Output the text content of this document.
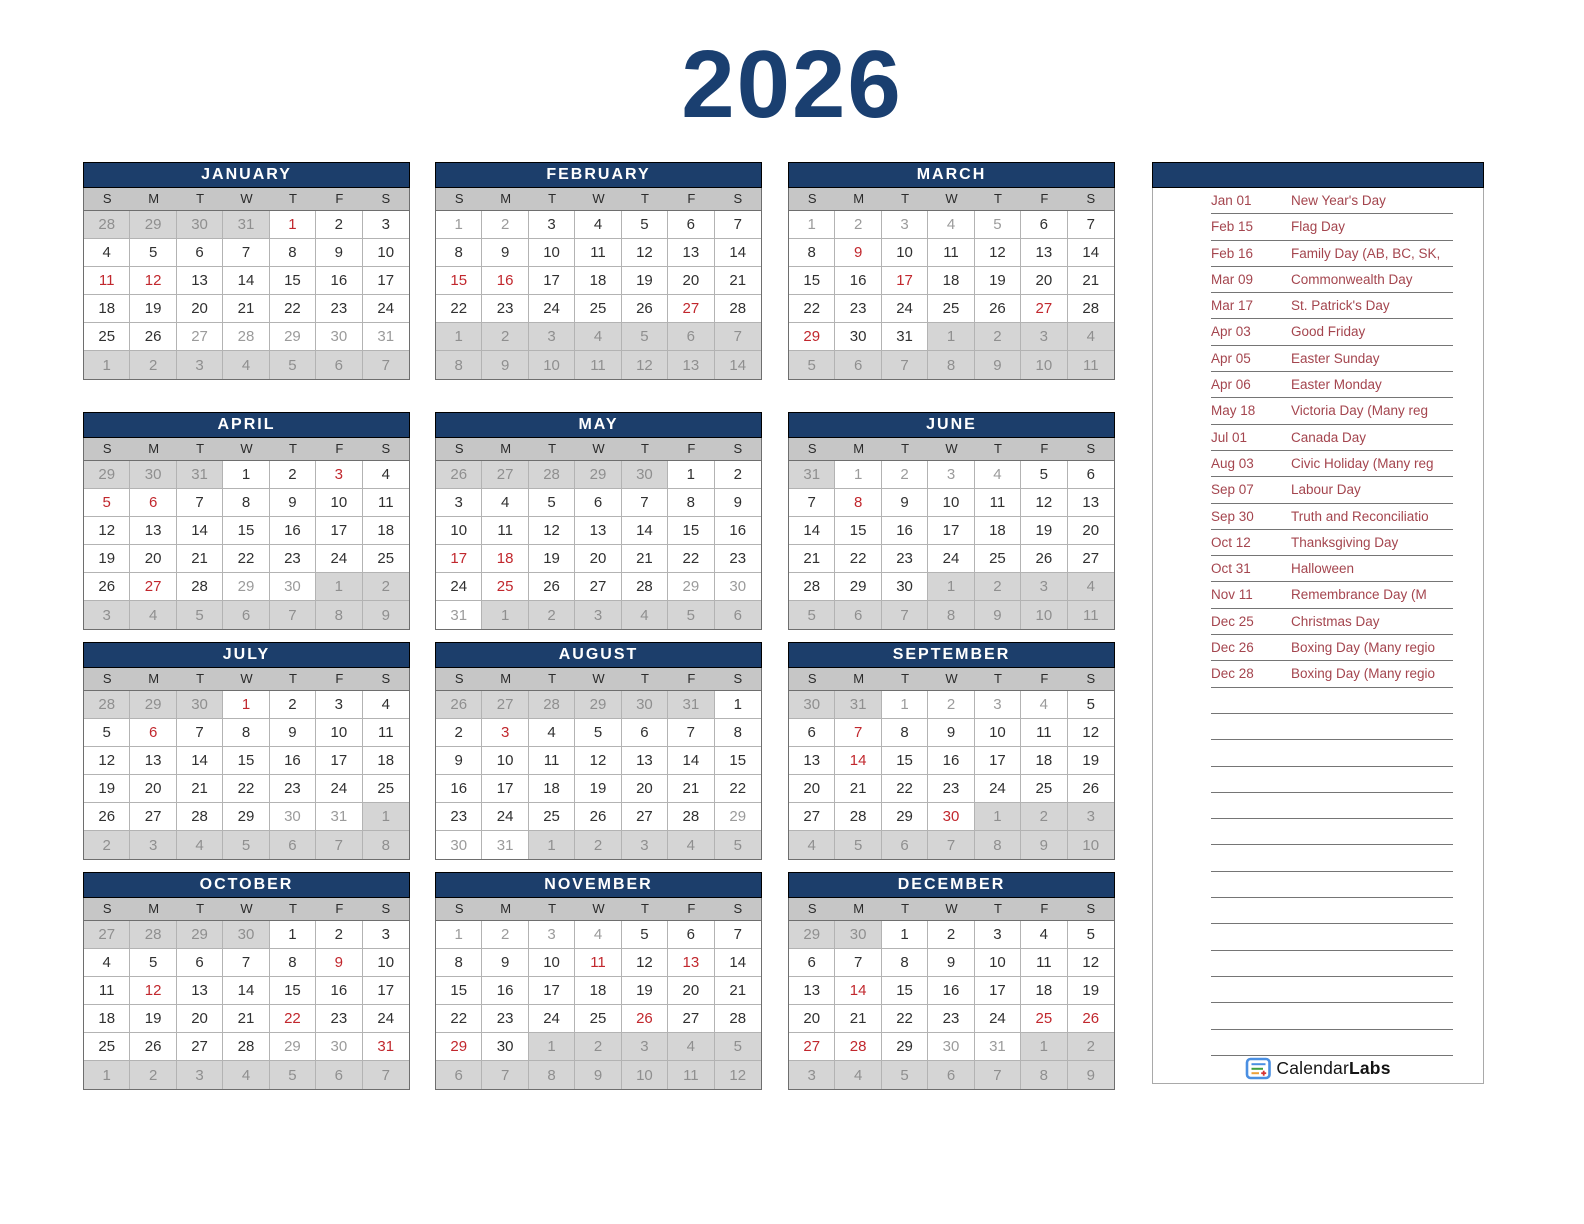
2026
JANUARY
S	M	T	W	T	F	S
28	29	30	31	1	2	3
4	5	6	7	8	9	10
11	12	13	14	15	16	17
18	19	20	21	22	23	24
25	26	27	28	29	30	31
1	2	3	4	5	6	7
FEBRUARY
S	M	T	W	T	F	S
1	2	3	4	5	6	7
8	9	10	11	12	13	14
15	16	17	18	19	20	21
22	23	24	25	26	27	28
1	2	3	4	5	6	7
8	9	10	11	12	13	14
MARCH
S	M	T	W	T	F	S
1	2	3	4	5	6	7
8	9	10	11	12	13	14
15	16	17	18	19	20	21
22	23	24	25	26	27	28
29	30	31	1	2	3	4
5	6	7	8	9	10	11
APRIL
S	M	T	W	T	F	S
29	30	31	1	2	3	4
5	6	7	8	9	10	11
12	13	14	15	16	17	18
19	20	21	22	23	24	25
26	27	28	29	30	1	2
3	4	5	6	7	8	9
MAY
S	M	T	W	T	F	S
26	27	28	29	30	1	2
3	4	5	6	7	8	9
10	11	12	13	14	15	16
17	18	19	20	21	22	23
24	25	26	27	28	29	30
31	1	2	3	4	5	6
JUNE
S	M	T	W	T	F	S
31	1	2	3	4	5	6
7	8	9	10	11	12	13
14	15	16	17	18	19	20
21	22	23	24	25	26	27
28	29	30	1	2	3	4
5	6	7	8	9	10	11
JULY
S	M	T	W	T	F	S
28	29	30	1	2	3	4
5	6	7	8	9	10	11
12	13	14	15	16	17	18
19	20	21	22	23	24	25
26	27	28	29	30	31	1
2	3	4	5	6	7	8
AUGUST
S	M	T	W	T	F	S
26	27	28	29	30	31	1
2	3	4	5	6	7	8
9	10	11	12	13	14	15
16	17	18	19	20	21	22
23	24	25	26	27	28	29
30	31	1	2	3	4	5
SEPTEMBER
S	M	T	W	T	F	S
30	31	1	2	3	4	5
6	7	8	9	10	11	12
13	14	15	16	17	18	19
20	21	22	23	24	25	26
27	28	29	30	1	2	3
4	5	6	7	8	9	10
OCTOBER
S	M	T	W	T	F	S
27	28	29	30	1	2	3
4	5	6	7	8	9	10
11	12	13	14	15	16	17
18	19	20	21	22	23	24
25	26	27	28	29	30	31
1	2	3	4	5	6	7
NOVEMBER
S	M	T	W	T	F	S
1	2	3	4	5	6	7
8	9	10	11	12	13	14
15	16	17	18	19	20	21
22	23	24	25	26	27	28
29	30	1	2	3	4	5
6	7	8	9	10	11	12
DECEMBER
S	M	T	W	T	F	S
29	30	1	2	3	4	5
6	7	8	9	10	11	12
13	14	15	16	17	18	19
20	21	22	23	24	25	26
27	28	29	30	31	1	2
3	4	5	6	7	8	9
Jan 01	New Year's Day
Feb 15	Flag Day
Feb 16	Family Day (AB, BC, SK,
Mar 09	Commonwealth Day
Mar 17	St. Patrick's Day
Apr 03	Good Friday
Apr 05	Easter Sunday
Apr 06	Easter Monday
May 18	Victoria Day (Many reg
Jul 01	Canada Day
Aug 03	Civic Holiday (Many reg
Sep 07	Labour Day
Sep 30	Truth and Reconciliatio
Oct 12	Thanksgiving Day
Oct 31	Halloween
Nov 11	Remembrance Day (M
Dec 25	Christmas Day
Dec 26	Boxing Day (Many regio
Dec 28	Boxing Day (Many regio
CalendarLabs
